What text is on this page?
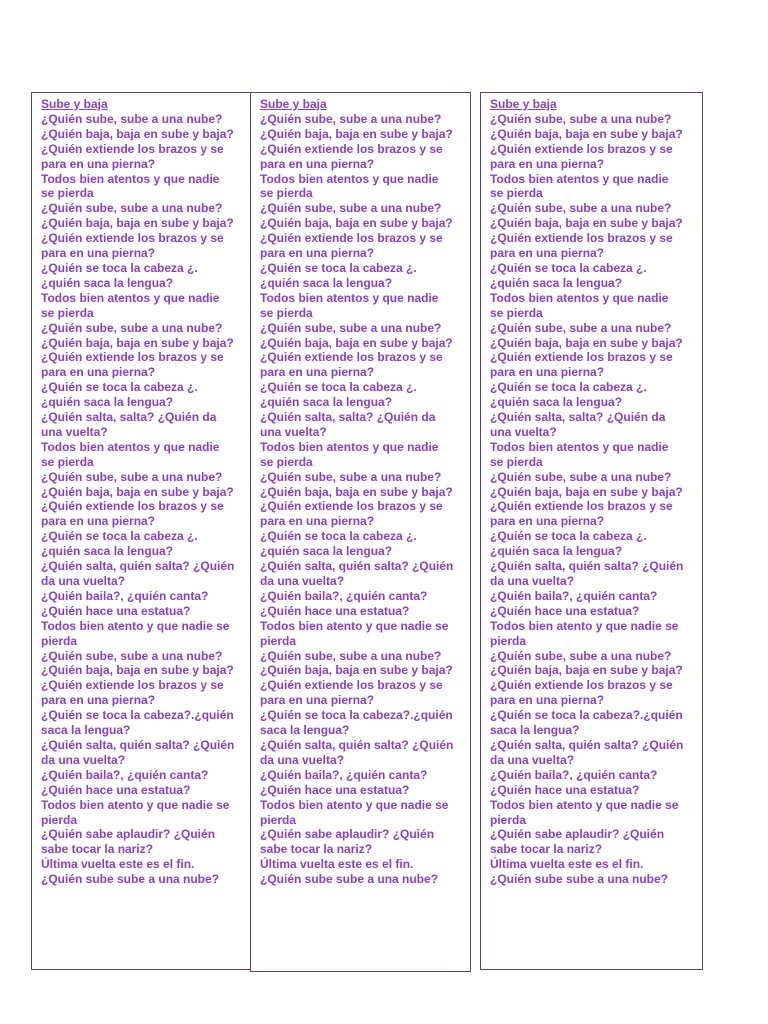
Sube y baja
¿Quién sube, sube a una nube?
¿Quién baja, baja en sube y baja?
¿Quién extiende los brazos y se
para en una pierna?
Todos bien atentos y que nadie
se pierda
¿Quién sube, sube a una nube?
¿Quién baja, baja en sube y baja?
¿Quién extiende los brazos y se
para en una pierna?
¿Quién se toca la cabeza ¿.
¿quién saca la lengua?
Todos bien atentos y que nadie
se pierda
¿Quién sube, sube a una nube?
¿Quién baja, baja en sube y baja?
¿Quién extiende los brazos y se
para en una pierna?
¿Quién se toca la cabeza ¿.
¿quién saca la lengua?
¿Quién salta, salta? ¿Quién da
una vuelta?
Todos bien atentos y que nadie
se pierda
¿Quién sube, sube a una nube?
¿Quién baja, baja en sube y baja?
¿Quién extiende los brazos y se
para en una pierna?
¿Quién se toca la cabeza ¿.
¿quién saca la lengua?
¿Quién salta, quién salta? ¿Quién
da una vuelta?
¿Quién baila?, ¿quién canta?
¿Quién hace una estatua?
Todos bien atento y que nadie se
pierda
¿Quién sube, sube a una nube?
¿Quién baja, baja en sube y baja?
¿Quién extiende los brazos y se
para en una pierna?
¿Quién se toca la cabeza?.¿quién
saca la lengua?
¿Quién salta, quién salta? ¿Quién
da una vuelta?
¿Quién baila?, ¿quién canta?
¿Quién hace una estatua?
Todos bien atento y que nadie se
pierda
¿Quién sabe aplaudir? ¿Quién
sabe tocar la nariz?
Última vuelta este es el fin.
¿Quién sube sube a una nube?
Sube y baja
¿Quién sube, sube a una nube?
¿Quién baja, baja en sube y baja?
¿Quién extiende los brazos y se
para en una pierna?
Todos bien atentos y que nadie
se pierda
¿Quién sube, sube a una nube?
¿Quién baja, baja en sube y baja?
¿Quién extiende los brazos y se
para en una pierna?
¿Quién se toca la cabeza ¿.
¿quién saca la lengua?
Todos bien atentos y que nadie
se pierda
¿Quién sube, sube a una nube?
¿Quién baja, baja en sube y baja?
¿Quién extiende los brazos y se
para en una pierna?
¿Quién se toca la cabeza ¿.
¿quién saca la lengua?
¿Quién salta, salta? ¿Quién da
una vuelta?
Todos bien atentos y que nadie
se pierda
¿Quién sube, sube a una nube?
¿Quién baja, baja en sube y baja?
¿Quién extiende los brazos y se
para en una pierna?
¿Quién se toca la cabeza ¿.
¿quién saca la lengua?
¿Quién salta, quién salta? ¿Quién
da una vuelta?
¿Quién baila?, ¿quién canta?
¿Quién hace una estatua?
Todos bien atento y que nadie se
pierda
¿Quién sube, sube a una nube?
¿Quién baja, baja en sube y baja?
¿Quién extiende los brazos y se
para en una pierna?
¿Quién se toca la cabeza?.¿quién
saca la lengua?
¿Quién salta, quién salta? ¿Quién
da una vuelta?
¿Quién baila?, ¿quién canta?
¿Quién hace una estatua?
Todos bien atento y que nadie se
pierda
¿Quién sabe aplaudir? ¿Quién
sabe tocar la nariz?
Última vuelta este es el fin.
¿Quién sube sube a una nube?
Sube y baja
¿Quién sube, sube a una nube?
¿Quién baja, baja en sube y baja?
¿Quién extiende los brazos y se
para en una pierna?
Todos bien atentos y que nadie
se pierda
¿Quién sube, sube a una nube?
¿Quién baja, baja en sube y baja?
¿Quién extiende los brazos y se
para en una pierna?
¿Quién se toca la cabeza ¿.
¿quién saca la lengua?
Todos bien atentos y que nadie
se pierda
¿Quién sube, sube a una nube?
¿Quién baja, baja en sube y baja?
¿Quién extiende los brazos y se
para en una pierna?
¿Quién se toca la cabeza ¿.
¿quién saca la lengua?
¿Quién salta, salta? ¿Quién da
una vuelta?
Todos bien atentos y que nadie
se pierda
¿Quién sube, sube a una nube?
¿Quién baja, baja en sube y baja?
¿Quién extiende los brazos y se
para en una pierna?
¿Quién se toca la cabeza ¿.
¿quién saca la lengua?
¿Quién salta, quién salta? ¿Quién
da una vuelta?
¿Quién baila?, ¿quién canta?
¿Quién hace una estatua?
Todos bien atento y que nadie se
pierda
¿Quién sube, sube a una nube?
¿Quién baja, baja en sube y baja?
¿Quién extiende los brazos y se
para en una pierna?
¿Quién se toca la cabeza?.¿quién
saca la lengua?
¿Quién salta, quién salta? ¿Quién
da una vuelta?
¿Quién baila?, ¿quién canta?
¿Quién hace una estatua?
Todos bien atento y que nadie se
pierda
¿Quién sabe aplaudir? ¿Quién
sabe tocar la nariz?
Última vuelta este es el fin.
¿Quién sube sube a una nube?
